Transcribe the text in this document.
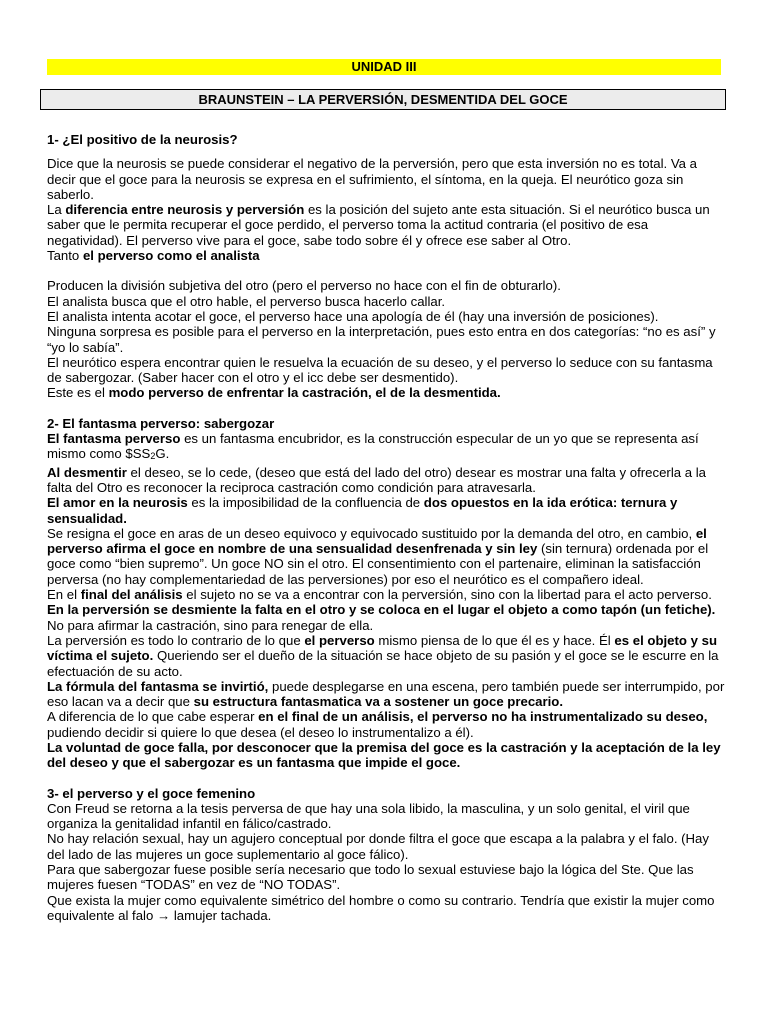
UNIDAD III
BRAUNSTEIN – LA PERVERSIÓN, DESMENTIDA DEL GOCE
1- ¿El positivo de la neurosis?

Dice que la neurosis se puede considerar el negativo de la perversión, pero que esta inversión no es total. Va a decir que el goce para la neurosis se expresa en el sufrimiento, el síntoma, en la queja. El neurótico goza sin saberlo.

La diferencia entre neurosis y perversión es la posición del sujeto ante esta situación. Si el neurótico busca un saber que le permita recuperar el goce perdido, el perverso toma la actitud contraria (el positivo de esa negatividad). El perverso vive para el goce, sabe todo sobre él y ofrece ese saber al Otro.

Tanto el perverso como el analista

Producen la división subjetiva del otro (pero el perverso no hace con el fin de obturarlo).

El analista busca que el otro hable, el perverso busca hacerlo callar.

El analista intenta acotar el goce, el perverso hace una apología de él (hay una inversión de posiciones).

Ninguna sorpresa es posible para el perverso en la interpretación, pues esto entra en dos categorías: “no es así” y “yo lo sabía”.

El neurótico espera encontrar quien le resuelva la ecuación de su deseo, y el perverso lo seduce con su fantasma de sabergozar. (Saber hacer con el otro y el icc debe ser desmentido).

Este es el modo perverso de enfrentar la castración, el de la desmentida.

2- El fantasma perverso: sabergozar

El fantasma perverso es un fantasma encubridor, es la construcción especular de un yo que se representa así mismo como $\$SS_2G$.

Al desmentir el deseo, se lo cede, (deseo que está del lado del otro) desear es mostrar una falta y ofrecerla a la falta del Otro es reconocer la reciproca castración como condición para atravesarla.

El amor en la neurosis es la imposibilidad de la confluencia de dos opuestos en la ida erótica: ternura y sensualidad.

Se resigna el goce en aras de un deseo equivoco y equivocado sustituido por la demanda del otro, en cambio, el perverso afirma el goce en nombre de una sensualidad desenfrenada y sin ley (sin ternura) ordenada por el goce como “bien supremo”. Un goce NO sin el otro. El consentimiento con el partenaire, eliminan la satisfacción perversa (no hay complementariedad de las perversiones) por eso el neurótico es el compañero ideal.

En el final del análisis el sujeto no se va a encontrar con la perversión, sino con la libertad para el acto perverso. En la perversión se desmiente la falta en el otro y se coloca en el lugar el objeto a como tapón (un fetiche). No para afirmar la castración, sino para renegar de ella.

La perversión es todo lo contrario de lo que el perverso mismo piensa de lo que él es y hace. Él es el objeto y su víctima el sujeto. Queriendo ser el dueño de la situación se hace objeto de su pasión y el goce se le escurre en la efectuación de su acto.

La fórmula del fantasma se invirtió, puede desplegarse en una escena, pero también puede ser interrumpido, por eso lacan va a decir que su estructura fantasmatica va a sostener un goce precario.

A diferencia de lo que cabe esperar en el final de un análisis, el perverso no ha instrumentalizado su deseo, pudiendo decidir si quiere lo que desea (el deseo lo instrumentalizo a él).

La voluntad de goce falla, por desconocer que la premisa del goce es la castración y la aceptación de la ley del deseo y que el sabergozar es un fantasma que impide el goce.

3- el perverso y el goce femenino

Con Freud se retorna a la tesis perversa de que hay una sola libido, la masculina, y un solo genital, el viril que organiza la genitalidad infantil en fálico/castrado.

No hay relación sexual, hay un agujero conceptual por donde filtra el goce que escapa a la palabra y el falo. (Hay del lado de las mujeres un goce suplementario al goce fálico).

Para que sabergozar fuese posible sería necesario que todo lo sexual estuviese bajo la lógica del Ste. Que las mujeres fuesen “TODAS” en vez de “NO TODAS”.

Que exista la mujer como equivalente simétrico del hombre o como su contrario. Tendría que existir la mujer como equivalente al falo → lamujer tachada.
